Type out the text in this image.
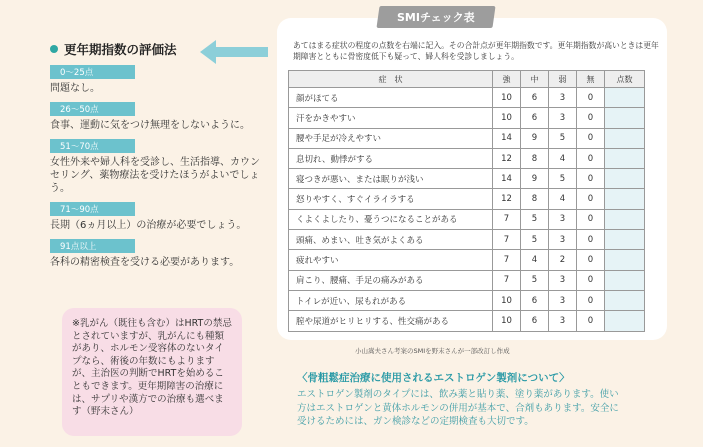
更年期指数の評価法
0～25点
問題なし。
26～50点
食事、運動に気をつけ無理をしないように。
51～70点
女性外来や婦人科を受診し、生活指導、カウンセリング、薬物療法を受けたほうがよいでしょう。
71～90点
長期（6ヵ月以上）の治療が必要でしょう。
91点以上
各科の精密検査を受ける必要があります。

※乳がん（既往も含む）はHRTの禁忌とされていますが、乳がんにも種類があり、ホルモン受容体のないタイプなら、術後の年数にもよりますが、主治医の判断でHRTを始めることもできます。更年期障害の治療には、サプリや漢方での治療も選べます（野末さん）

SMIチェック表

あてはまる症状の程度の点数を右端に記入。その合計点が更年期指数です。更年期指数が高いときは更年期障害とともに骨密度低下も疑って、婦人科を受診しましょう。

症　状	強	中	弱	無	点数
顔がほてる	10	6	3	0	
汗をかきやすい	10	6	3	0	
腰や手足が冷えやすい	14	9	5	0	
息切れ、動悸がする	12	8	4	0	
寝つきが悪い、または眠りが浅い	14	9	5	0	
怒りやすく、すぐイライラする	12	8	4	0	
くよくよしたり、憂うつになることがある	7	5	3	0	
頭痛、めまい、吐き気がよくある	7	5	3	0	
疲れやすい	7	4	2	0	
肩こり、腰痛、手足の痛みがある	7	5	3	0	
トイレが近い、尿もれがある	10	6	3	0	
膣や尿道がヒリヒリする、性交痛がある	10	6	3	0	

小山嵩夫さん考案のSMIを野末さんが一部改訂し作成

〈骨粗鬆症治療に使用されるエストロゲン製剤について〉

エストロゲン製剤のタイプには、飲み薬と貼り薬、塗り薬があります。使い方はエストロゲンと黄体ホルモンの併用が基本で、合剤もあります。安全に受けるためには、ガン検診などの定期検査も大切です。
